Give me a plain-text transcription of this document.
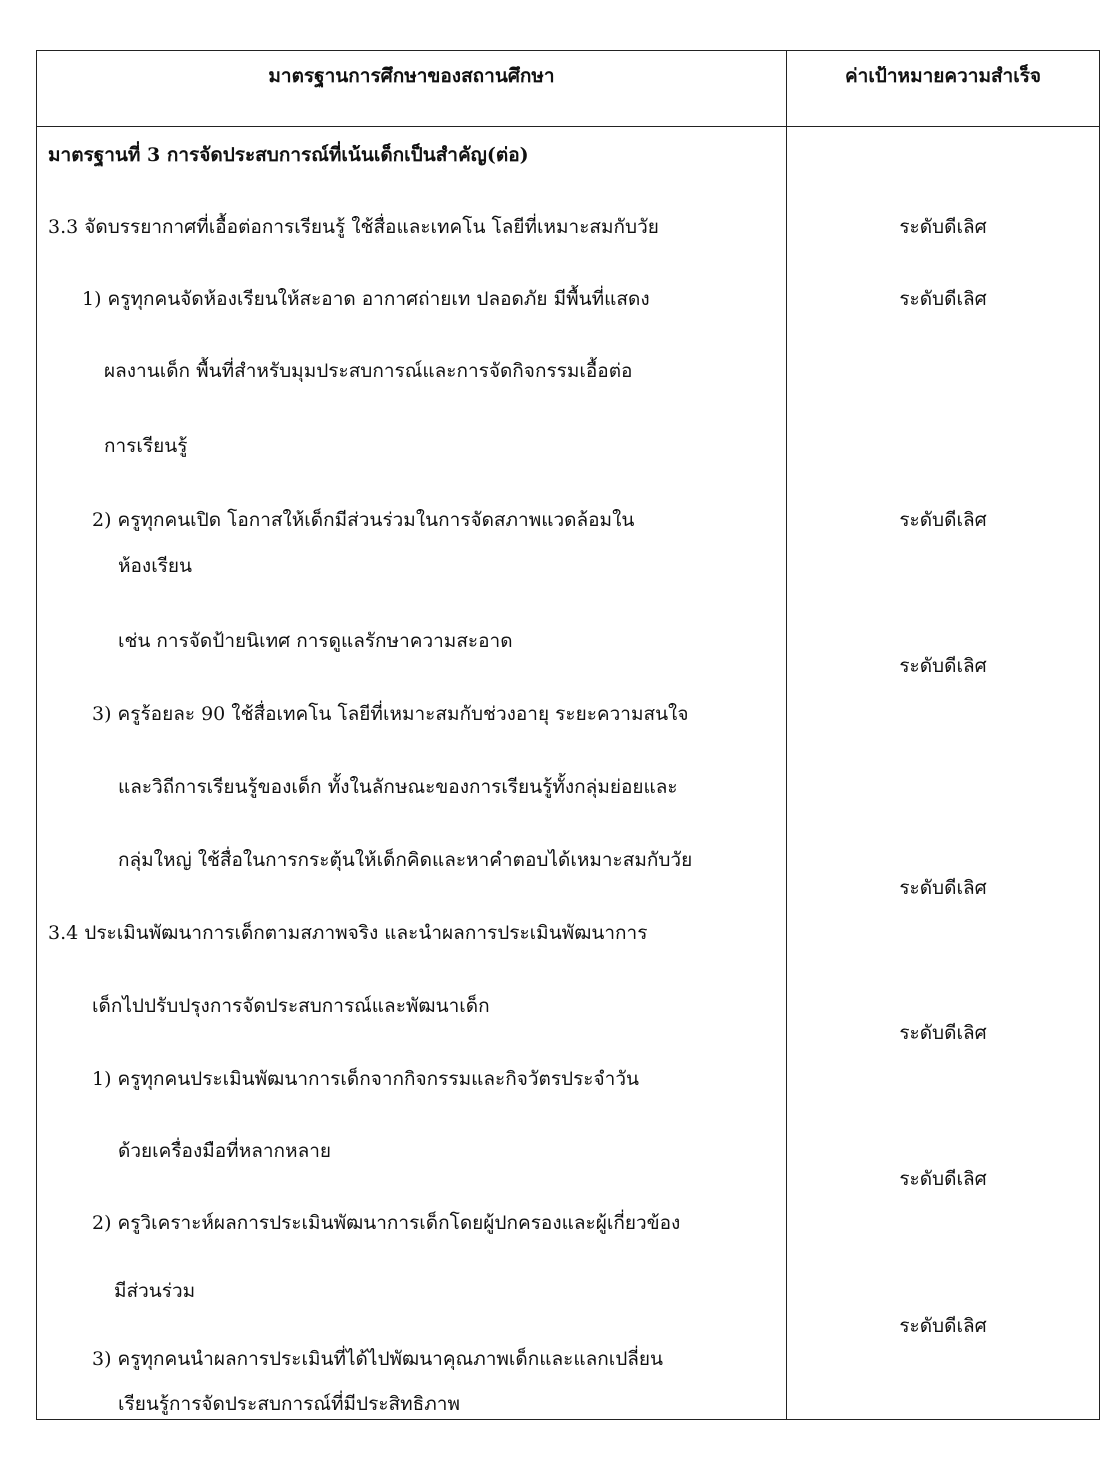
มาตรฐานการศึกษาของสถานศึกษา	ค่าเป้าหมายความสำเร็จ
มาตรฐานที่ 3 การจัดประสบการณ์ที่เน้นเด็กเป็นสำคัญ(ต่อ)
3.3 จัดบรรยากาศที่เอื้อต่อการเรียนรู้ ใช้สื่อและเทคโน โลยีที่เหมาะสมกับวัย
1) ครูทุกคนจัดห้องเรียนให้สะอาด อากาศถ่ายเท ปลอดภัย มีพื้นที่แสดง
ผลงานเด็ก พื้นที่สำหรับมุมประสบการณ์และการจัดกิจกรรมเอื้อต่อ
การเรียนรู้
2) ครูทุกคนเปิด โอกาสให้เด็กมีส่วนร่วมในการจัดสภาพแวดล้อมใน
ห้องเรียน
เช่น การจัดป้ายนิเทศ การดูแลรักษาความสะอาด
3) ครูร้อยละ 90 ใช้สื่อเทคโน โลยีที่เหมาะสมกับช่วงอายุ ระยะความสนใจ
และวิถีการเรียนรู้ของเด็ก ทั้งในลักษณะของการเรียนรู้ทั้งกลุ่มย่อยและ
กลุ่มใหญ่ ใช้สื่อในการกระตุ้นให้เด็กคิดและหาคำตอบได้เหมาะสมกับวัย
3.4 ประเมินพัฒนาการเด็กตามสภาพจริง และนำผลการประเมินพัฒนาการ
เด็กไปปรับปรุงการจัดประสบการณ์และพัฒนาเด็ก
1) ครูทุกคนประเมินพัฒนาการเด็กจากกิจกรรมและกิจวัตรประจำวัน
ด้วยเครื่องมือที่หลากหลาย
2) ครูวิเคราะห์ผลการประเมินพัฒนาการเด็กโดยผู้ปกครองและผู้เกี่ยวข้อง
มีส่วนร่วม
3) ครูทุกคนนำผลการประเมินที่ได้ไปพัฒนาคุณภาพเด็กและแลกเปลี่ยน
เรียนรู้การจัดประสบการณ์ที่มีประสิทธิภาพ
ระดับดีเลิศ
ระดับดีเลิศ
ระดับดีเลิศ
ระดับดีเลิศ
ระดับดีเลิศ
ระดับดีเลิศ
ระดับดีเลิศ
ระดับดีเลิศ
